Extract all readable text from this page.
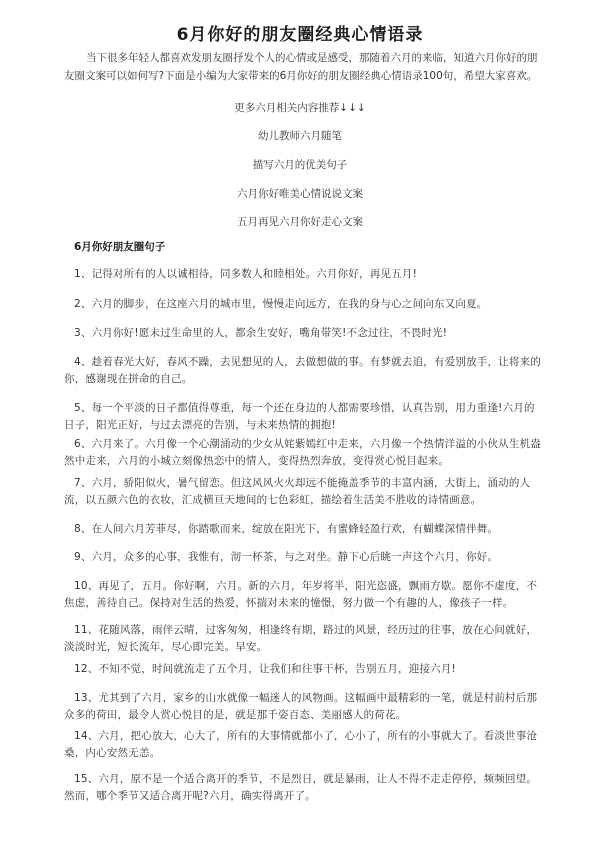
6月你好的朋友圈经典心情语录
当下很多年轻人都喜欢发朋友圈抒发个人的心情或是感受，那随着六月的来临，知道六月你好的朋友圈文案可以如何写?下面是小编为大家带来的6月你好的朋友圈经典心情语录100句，希望大家喜欢。
更多六月相关内容推荐↓↓↓
幼儿教师六月随笔
描写六月的优美句子
六月你好唯美心情说说文案
五月再见六月你好走心文案
6月你好朋友圈句子
1、记得对所有的人以诚相待，同多数人和睦相处。六月你好，再见五月!
2、六月的脚步，在这座六月的城市里，慢慢走向远方，在我的身与心之间向东又向夏。
3、六月你好!愿未过生命里的人，都余生安好，嘴角带笑!不念过往，不畏时光!
4、趁着春光大好，春风不躁，去见想见的人，去做想做的事。有梦就去追，有爱别放手，让将来的你，感谢现在拼命的自己。
5、每一个平淡的日子都值得尊重，每一个还在身边的人都需要珍惜，认真告别，用力重逢!六月的日子，阳光正好，与过去漂亮的告别，与未来热情的拥抱!
6、六月来了。六月像一个心潮涌动的少女从姹紫嫣红中走来，六月像一个热情洋溢的小伙从生机盎然中走来，六月的小城立刻像热恋中的情人，变得热烈奔放，变得赏心悦目起来。
7、六月，骄阳似火，暑气留恋。但这风风火火却远不能掩盖季节的丰富内涵，大街上，涌动的人流，以五颜六色的衣妆，汇成横亘天地间的七色彩虹，描绘着生活美不胜收的诗情画意。
8、在人间六月芳菲尽，你踏歌而来，绽放在阳光下，有蜜蜂轻盈行欢，有蝴蝶深情伴舞。
9、六月，众多的心事，我惟有，沏一杯茶，与之对坐。静下心后眺一声这个六月，你好。
10、再见了，五月。你好啊，六月。新的六月，年岁将半，阳光恣盛，飘雨方歇。愿你不虚度，不焦虑，善待自己。保持对生活的热爱，怀揣对未来的憧憬，努力做一个有趣的人，像孩子一样。
11、花随风落，雨伴云晴，过客匆匆，相逢终有期，路过的风景，经历过的往事，放在心间就好，淡淡时光，短长流年，尽心即完美。早安。
12、不知不觉，时间就流走了五个月，让我们和往事干杯，告别五月，迎接六月!
13、尤其到了六月，家乡的山水就像一幅迷人的风物画。这幅画中最精彩的一笔，就是村前村后那众多的荷田，最令人赏心悦目的是，就是那千姿百态、美丽感人的荷花。
14、六月，把心放大，心大了，所有的大事情就都小了，心小了，所有的小事就大了。看淡世事沧桑，内心安然无恙。
15、六月，原不是一个适合离开的季节，不是烈日，就是暴雨，让人不得不走走停停，频频回望。然而，哪个季节又适合离开呢?六月，确实得离开了。
